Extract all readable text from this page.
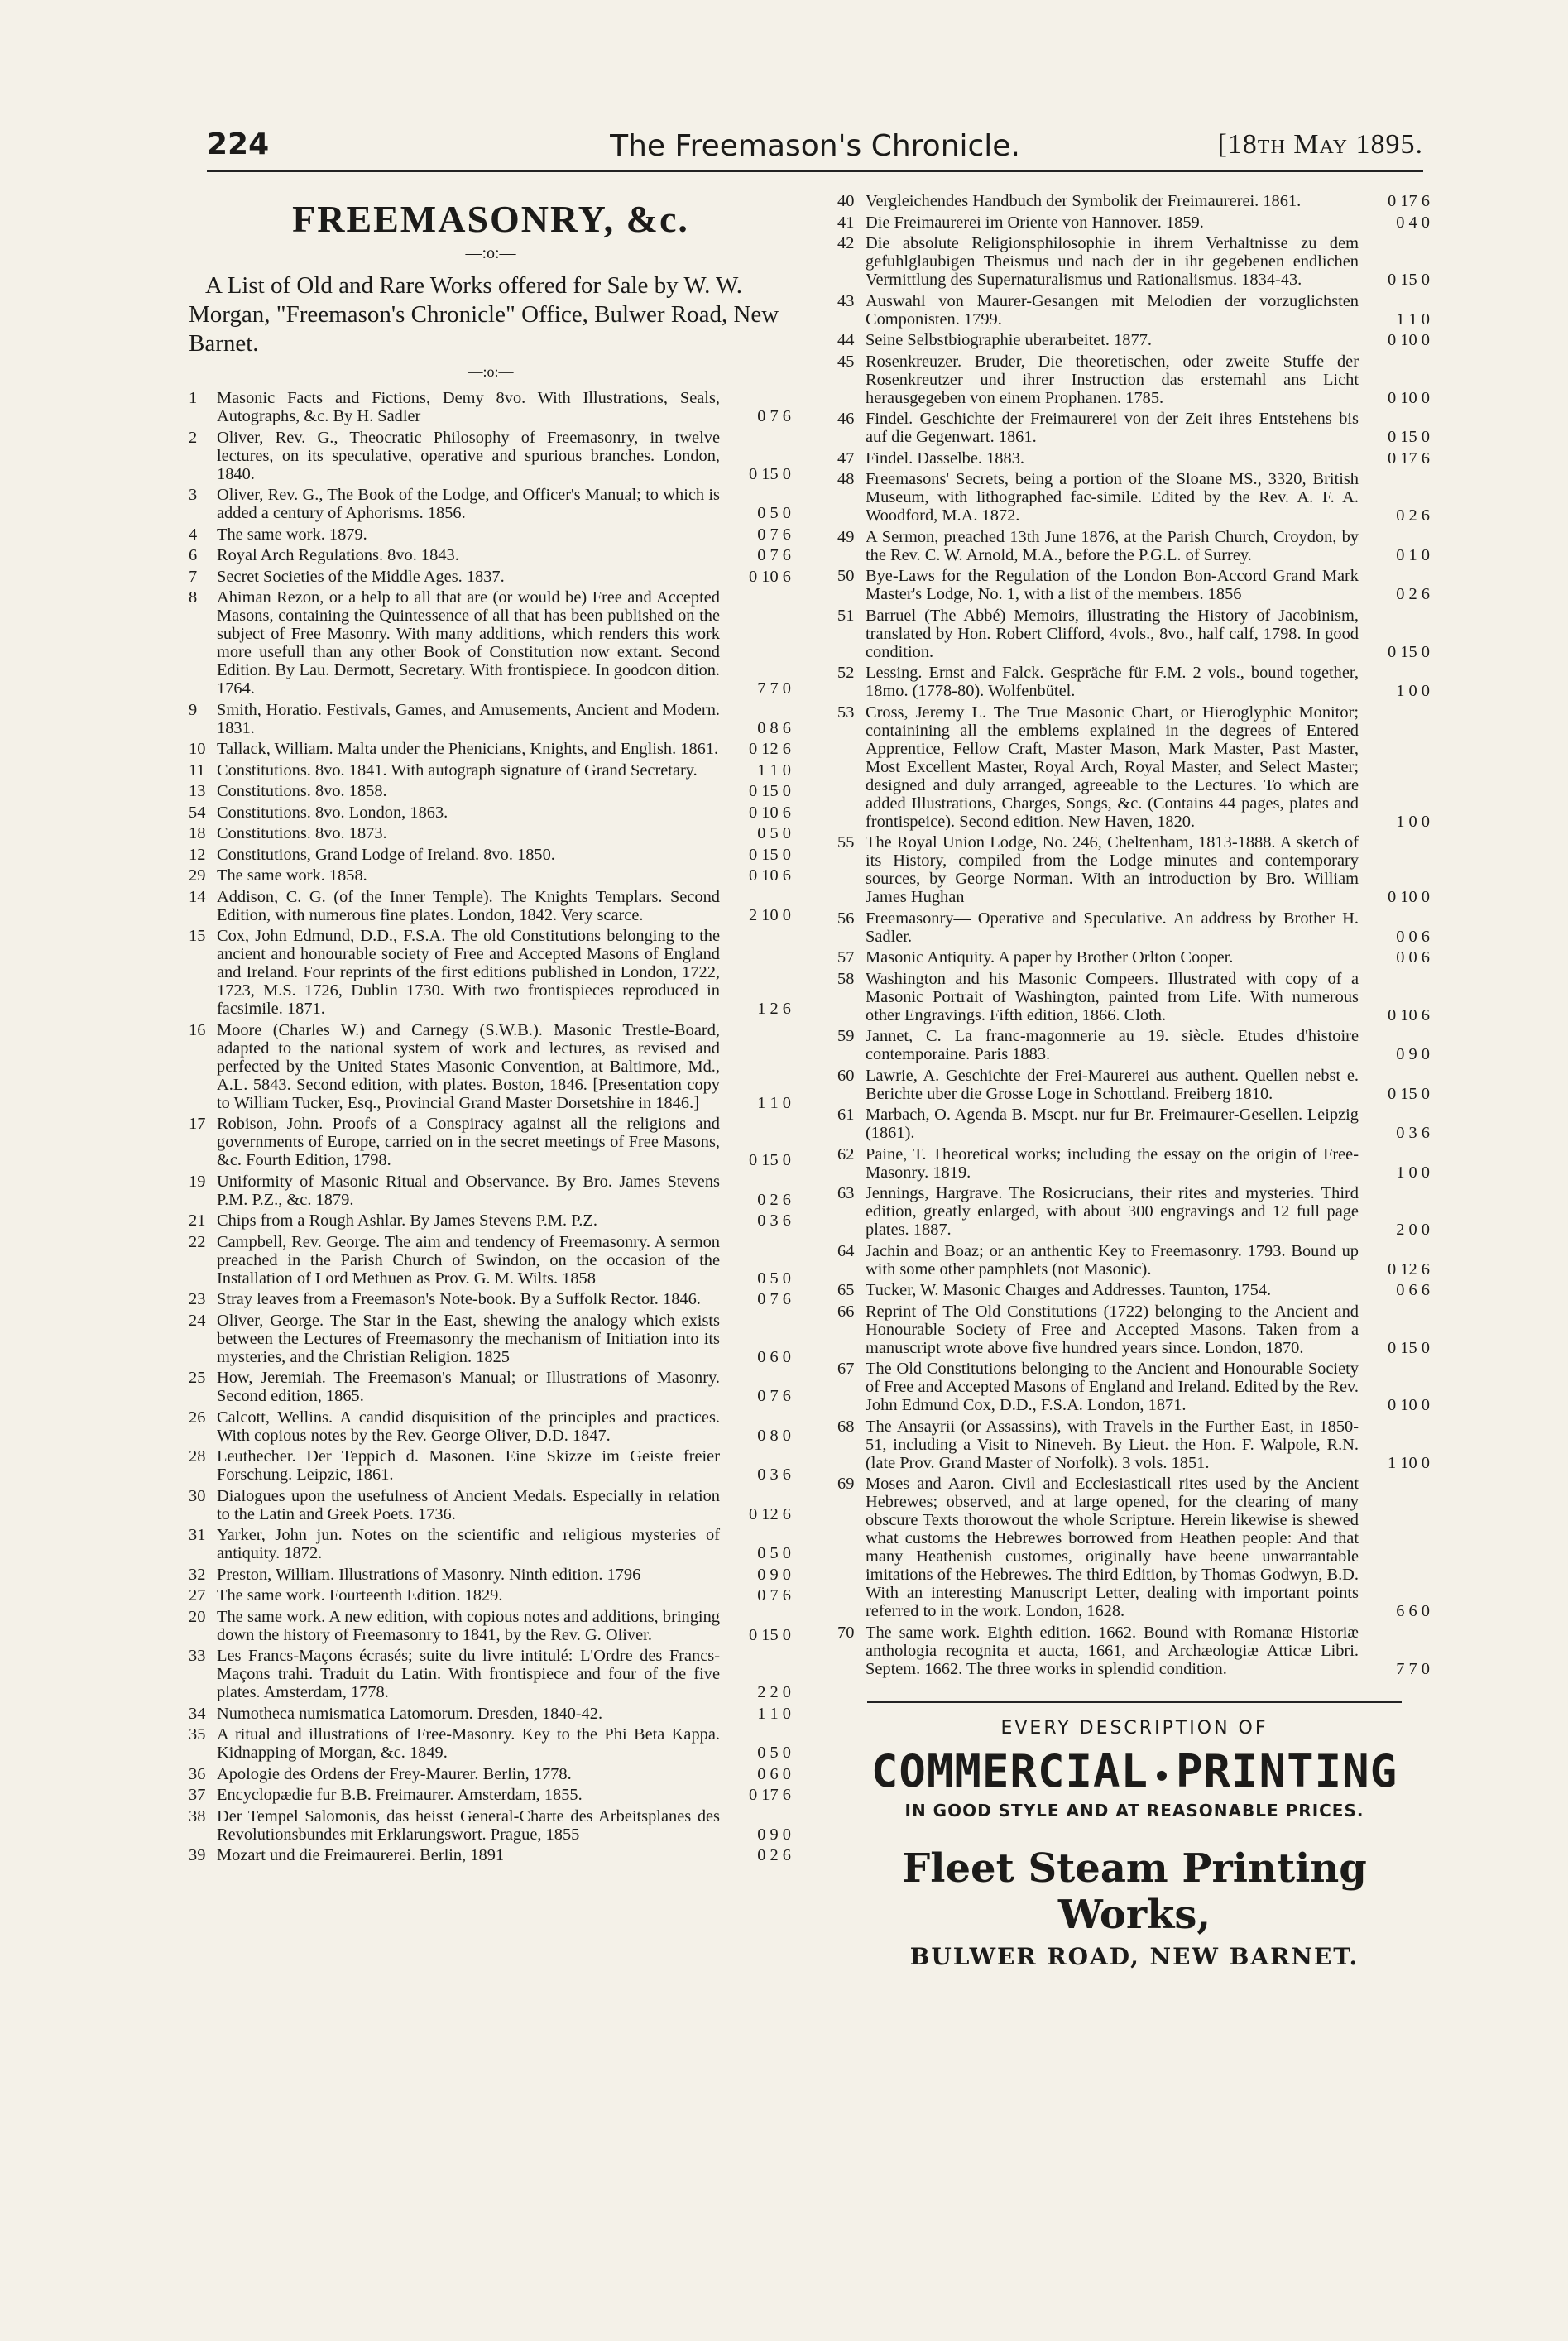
224	The Freemason's Chronicle.	[18th May 1895.
FREEMASONRY, &c.
—:o:—
A List of Old and Rare Works offered for Sale by W. W. Morgan, "Freemason's Chronicle" Office, Bulwer Road, New Barnet.
—:o:—
1	Masonic Facts and Fictions, Demy 8vo. With Illustrations, Seals, Autographs, &c. By H. Sadler	0 7 6
2	Oliver, Rev. G., Theocratic Philosophy of Freemasonry, in twelve lectures, on its speculative, operative and spurious branches. London, 1840.	0 15 0
3	Oliver, Rev. G., The Book of the Lodge, and Officer's Manual; to which is added a century of Aphorisms. 1856.	0 5 0
4	The same work. 1879.	0 7 6
6	Royal Arch Regulations. 8vo. 1843.	0 7 6
7	Secret Societies of the Middle Ages. 1837.	0 10 6
8	Ahiman Rezon, or a help to all that are (or would be) Free and Accepted Masons, containing the Quintessence of all that has been published on the subject of Free Masonry. With many additions, which renders this work more usefull than any other Book of Constitution now extant. Second Edition. By Lau. Dermott, Secretary. With frontispiece. In goodcon dition. 1764.	7 7 0
9	Smith, Horatio. Festivals, Games, and Amusements, Ancient and Modern. 1831.	0 8 6
10 Tallack, William. Malta under the Phenicians, Knights, and English. 1861.	0 12 6
11 Constitutions. 8vo. 1841. With autograph signature of Grand Secretary.	1 1 0
13 Constitutions. 8vo. 1858.	0 15 0
54 Constitutions. 8vo. London, 1863.	0 10 6
18 Constitutions. 8vo. 1873.	0 5 0
12 Constitutions, Grand Lodge of Ireland. 8vo. 1850.	0 15 0
29 The same work. 1858.	0 10 6
14 Addison, C. G. (of the Inner Temple). The Knights Templars. Second Edition, with numerous fine plates. London, 1842. Very scarce.	2 10 0
15 Cox, John Edmund, D.D., F.S.A. The old Constitutions belonging to the ancient and honourable society of Free and Accepted Masons of England and Ireland. Four reprints of the first editions published in London, 1722, 1723, M.S. 1726, Dublin 1730. With two frontispieces reproduced in facsimile. 1871.	1 2 6
16 Moore (Charles W.) and Carnegy (S.W.B.). Masonic Trestle-Board, adapted to the national system of work and lectures, as revised and perfected by the United States Masonic Convention, at Baltimore, Md., A.L. 5843. Second edition, with plates. Boston, 1846. [Presentation copy to William Tucker, Esq., Provincial Grand Master Dorsetshire in 1846.]	1 1 0
17 Robison, John. Proofs of a Conspiracy against all the religions and governments of Europe, carried on in the secret meetings of Free Masons, &c. Fourth Edition, 1798.	0 15 0
19 Uniformity of Masonic Ritual and Observance. By Bro. James Stevens P.M. P.Z., &c. 1879.	0 2 6
21 Chips from a Rough Ashlar. By James Stevens P.M. P.Z.	0 3 6
22 Campbell, Rev. George. The aim and tendency of Freemasonry. A sermon preached in the Parish Church of Swindon, on the occasion of the Installation of Lord Methuen as Prov. G. M. Wilts. 1858	0 5 0
23 Stray leaves from a Freemason's Note-book. By a Suffolk Rector. 1846.	0 7 6
24 Oliver, George. The Star in the East, shewing the analogy which exists between the Lectures of Freemasonry the mechanism of Initiation into its mysteries, and the Christian Religion. 1825	0 6 0
25 How, Jeremiah. The Freemason's Manual; or Illustrations of Masonry. Second edition, 1865.	0 7 6
26 Calcott, Wellins. A candid disquisition of the principles and practices. With copious notes by the Rev. George Oliver, D.D. 1847.	0 8 0
28 Leuthecher. Der Teppich d. Masonen. Eine Skizze im Geiste freier Forschung. Leipzic, 1861.	0 3 6
30 Dialogues upon the usefulness of Ancient Medals. Especially in relation to the Latin and Greek Poets. 1736.	0 12 6
31 Yarker, John jun. Notes on the scientific and religious mysteries of antiquity. 1872.	0 5 0
32 Preston, William. Illustrations of Masonry. Ninth edition. 1796	0 9 0
27 The same work. Fourteenth Edition. 1829.	0 7 6
20 The same work. A new edition, with copious notes and additions, bringing down the history of Freemasonry to 1841, by the Rev. G. Oliver.	0 15 0
33 Les Francs-Maçons écrasés; suite du livre intitulé: L'Ordre des Francs-Maçons trahi. Traduit du Latin. With frontispiece and four of the five plates. Amsterdam, 1778.	2 2 0
34 Numotheca numismatica Latomorum. Dresden, 1840-42.	1 1 0
35 A ritual and illustrations of Free-Masonry. Key to the Phi Beta Kappa. Kidnapping of Morgan, &c. 1849.	0 5 0
36 Apologie des Ordens der Frey-Maurer. Berlin, 1778.	0 6 0
37 Encyclopædie fur B.B. Freimaurer. Amsterdam, 1855.	0 17 6
38 Der Tempel Salomonis, das heisst General-Charte des Arbeitsplanes des Revolutionsbundes mit Erklarungswort. Prague, 1855	0 9 0
39 Mozart und die Freimaurerei. Berlin, 1891	0 2 6
40 Vergleichendes Handbuch der Symbolik der Freimaurerei. 1861.	0 17 6
41 Die Freimaurerei im Oriente von Hannover. 1859.	0 4 0
42 Die absolute Religionsphilosophie in ihrem Verhaltnisse zu dem gefuhlglaubigen Theismus und nach der in ihr gegebenen endlichen Vermittlung des Supernaturalismus und Rationalismus. 1834-43.	0 15 0
43 Auswahl von Maurer-Gesangen mit Melodien der vorzuglichsten Componisten. 1799.	1 1 0
44 Seine Selbstbiographie uberarbeitet. 1877.	0 10 0
45 Rosenkreuzer. Bruder, Die theoretischen, oder zweite Stuffe der Rosenkreutzer und ihrer Instruction das erstemahl ans Licht herausgegeben von einem Prophanen. 1785.	0 10 0
46 Findel. Geschichte der Freimaurerei von der Zeit ihres Entstehens bis auf die Gegenwart. 1861.	0 15 0
47 Findel. Dasselbe. 1883.	0 17 6
48 Freemasons' Secrets, being a portion of the Sloane MS., 3320, British Museum, with lithographed fac-simile. Edited by the Rev. A. F. A. Woodford, M.A. 1872.	0 2 6
49 A Sermon, preached 13th June 1876, at the Parish Church, Croydon, by the Rev. C. W. Arnold, M.A., before the P.G.L. of Surrey.	0 1 0
50 Bye-Laws for the Regulation of the London Bon-Accord Grand Mark Master's Lodge, No. 1, with a list of the members. 1856	0 2 6
51 Barruel (The Abbé) Memoirs, illustrating the History of Jacobinism, translated by Hon. Robert Clifford, 4vols., 8vo., half calf, 1798. In good condition.	0 15 0
52 Lessing. Ernst and Falck. Gespräche für F.M. 2 vols., bound together, 18mo. (1778-80). Wolfenbütel.	1 0 0
53 Cross, Jeremy L. The True Masonic Chart, or Hieroglyphic Monitor; containining all the emblems explained in the degrees of Entered Apprentice, Fellow Craft, Master Mason, Mark Master, Past Master, Most Excellent Master, Royal Arch, Royal Master, and Select Master; designed and duly arranged, agreeable to the Lectures. To which are added Illustrations, Charges, Songs, &c. (Contains 44 pages, plates and frontispeice). Second edition. New Haven, 1820.	1 0 0
55 The Royal Union Lodge, No. 246, Cheltenham, 1813-1888. A sketch of its History, compiled from the Lodge minutes and contemporary sources, by George Norman. With an introduction by Bro. William James Hughan	0 10 0
56 Freemasonry— Operative and Speculative. An address by Brother H. Sadler.	0 0 6
57 Masonic Antiquity. A paper by Brother Orlton Cooper.	0 0 6
58 Washington and his Masonic Compeers. Illustrated with copy of a Masonic Portrait of Washington, painted from Life. With numerous other Engravings. Fifth edition, 1866. Cloth.	0 10 6
59 Jannet, C. La franc-magonnerie au 19. siècle. Etudes d'histoire contemporaine. Paris 1883.	0 9 0
60 Lawrie, A. Geschichte der Frei-Maurerei aus authent. Quellen nebst e. Berichte uber die Grosse Loge in Schottland. Freiberg 1810.	0 15 0
61 Marbach, O. Agenda B. Mscpt. nur fur Br. Freimaurer-Gesellen. Leipzig (1861).	0 3 6
62 Paine, T. Theoretical works; including the essay on the origin of Free-Masonry. 1819.	1 0 0
63 Jennings, Hargrave. The Rosicrucians, their rites and mysteries. Third edition, greatly enlarged, with about 300 engravings and 12 full page plates. 1887.	2 0 0
64 Jachin and Boaz; or an anthentic Key to Freemasonry. 1793. Bound up with some other pamphlets (not Masonic).	0 12 6
65 Tucker, W. Masonic Charges and Addresses. Taunton, 1754.	0 6 6
66 Reprint of The Old Constitutions (1722) belonging to the Ancient and Honourable Society of Free and Accepted Masons. Taken from a manuscript wrote above five hundred years since. London, 1870.	0 15 0
67 The Old Constitutions belonging to the Ancient and Honourable Society of Free and Accepted Masons of England and Ireland. Edited by the Rev. John Edmund Cox, D.D., F.S.A. London, 1871.	0 10 0
68 The Ansayrii (or Assassins), with Travels in the Further East, in 1850-51, including a Visit to Nineveh. By Lieut. the Hon. F. Walpole, R.N. (late Prov. Grand Master of Norfolk). 3 vols. 1851.	1 10 0
69 Moses and Aaron. Civil and Ecclesiasticall rites used by the Ancient Hebrewes; observed, and at large opened, for the clearing of many obscure Texts thorowout the whole Scripture. Herein likewise is shewed what customs the Hebrewes borrowed from Heathen people: And that many Heathenish customes, originally have beene unwarrantable imitations of the Hebrewes. The third Edition, by Thomas Godwyn, B.D. With an interesting Manuscript Letter, dealing with important points referred to in the work. London, 1628.	6 6 0
70 The same work. Eighth edition. 1662. Bound with Romanæ Historiæ anthologia recognita et aucta, 1661, and Archæologiæ Atticæ Libri. Septem. 1662. The three works in splendid condition.	7 7 0
EVERY DESCRIPTION OF
COMMERCIAL ● PRINTING
IN GOOD STYLE AND AT REASONABLE PRICES.
Fleet Steam Printing Works,
BULWER ROAD, NEW BARNET.
